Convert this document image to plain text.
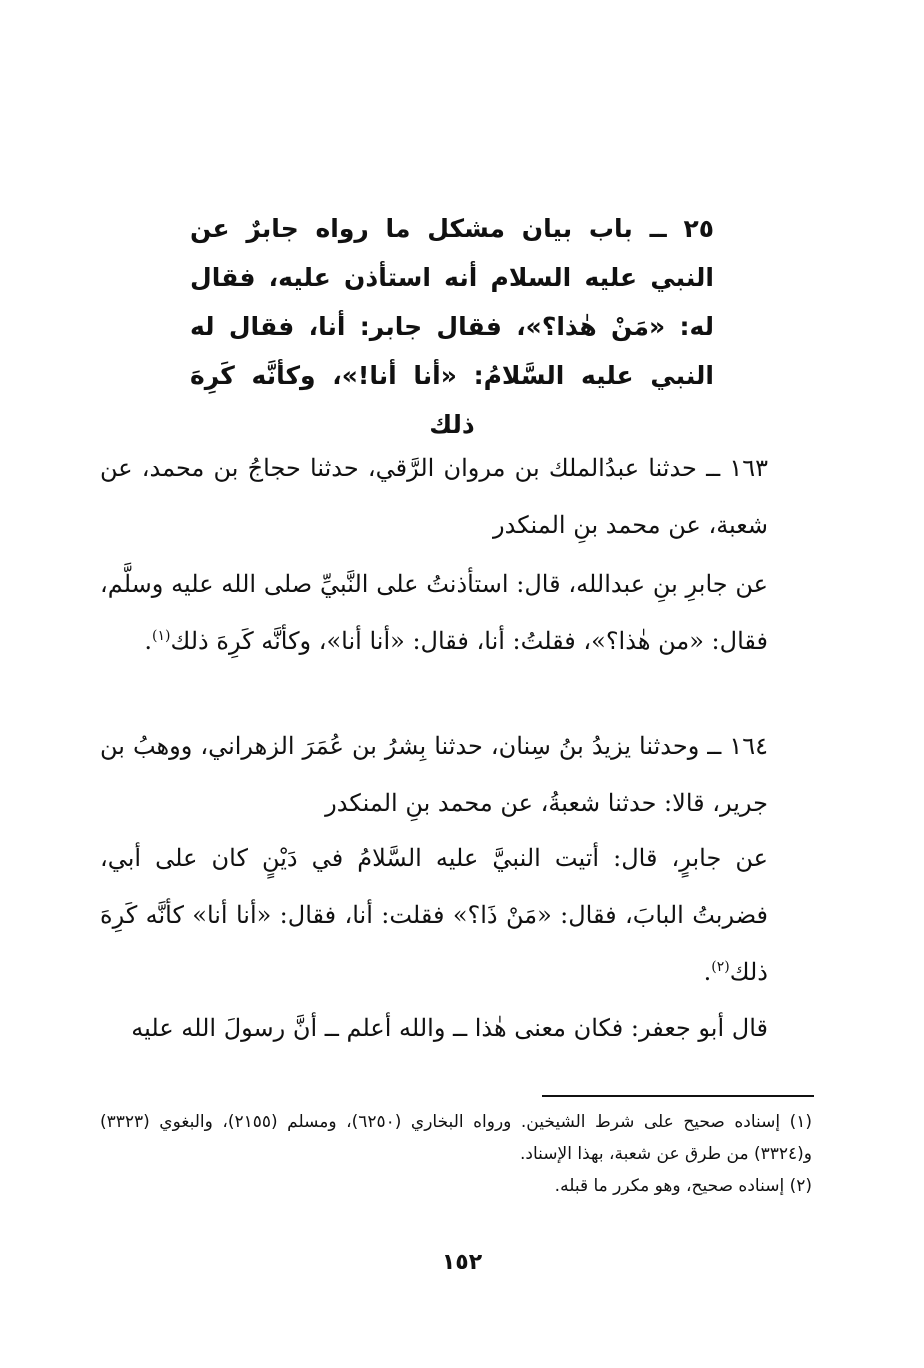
٢٥ ــ باب بيان مشكل ما رواه جابرٌ عن النبي عليه السلام أنه استأذن عليه، فقال له: «مَنْ هٰذا؟»، فقال جابر: أنا، فقال له النبي عليه السَّلامُ: «أنا أنا!»، وكأنَّه كَرِهَ ذلك
١٦٣ ــ حدثنا عبدُالملك بن مروان الرَّقي، حدثنا حجاجُ بن محمد، عن شعبة، عن محمد بنِ المنكدر
عن جابرِ بنِ عبدالله، قال: استأذنتُ على النَّبيِّ صلى الله عليه وسلَّم، فقال: «من هٰذا؟»، فقلتُ: أنا، فقال: «أنا أنا»، وكأنَّه كَرِهَ ذلك$^{(١)}$.
١٦٤ ــ وحدثنا يزيدُ بنُ سِنان، حدثنا بِشرُ بن عُمَرَ الزهراني، ووهبُ بن جرير، قالا: حدثنا شعبةُ، عن محمد بنِ المنكدر
عن جابرٍ، قال: أتيت النبيَّ عليه السَّلامُ في دَيْنٍ كان على أبي، فضربتُ البابَ، فقال: «مَنْ ذَا؟» فقلت: أنا، فقال: «أنا أنا» كأنَّه كَرِهَ ذلك$^{(٢)}$.
قال أبو جعفر: فكان معنى هٰذا ــ والله أعلم ــ أنَّ رسولَ الله عليه
(١) إسناده صحيح على شرط الشيخين. ورواه البخاري (٦٢٥٠)، ومسلم (٢١٥٥)، والبغوي (٣٣٢٣) و(٣٣٢٤) من طرق عن شعبة، بهذا الإسناد.
(٢) إسناده صحيح، وهو مكرر ما قبله.
١٥٢
